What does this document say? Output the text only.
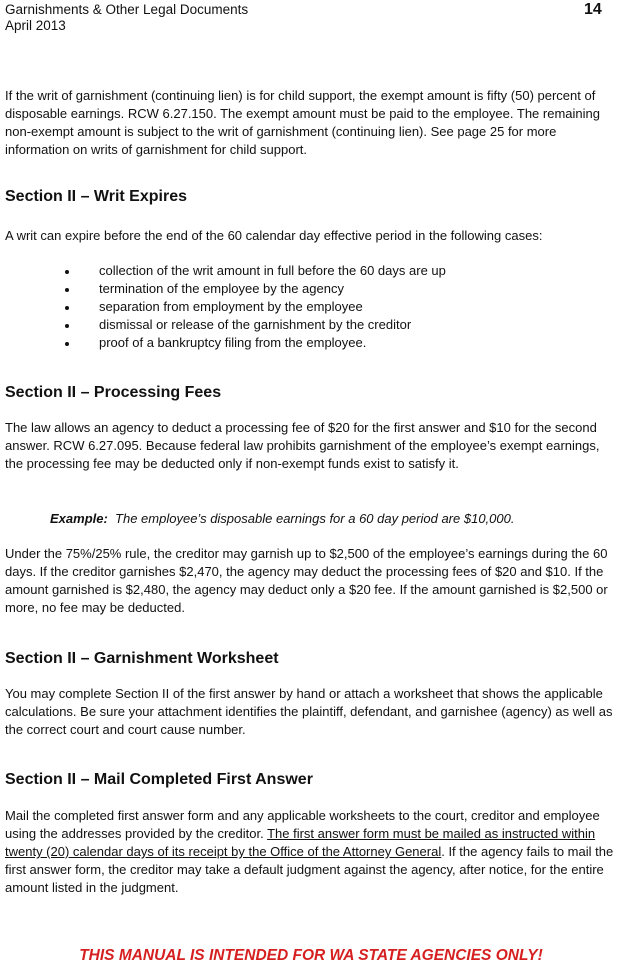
Garnishments & Other Legal Documents
April 2013
14

If the writ of garnishment (continuing lien) is for child support, the exempt amount is fifty (50) percent of disposable earnings. RCW 6.27.150. The exempt amount must be paid to the employee. The remaining non-exempt amount is subject to the writ of garnishment (continuing lien). See page 25 for more information on writs of garnishment for child support.

Section II – Writ Expires

A writ can expire before the end of the 60 calendar day effective period in the following cases:

collection of the writ amount in full before the 60 days are up
termination of the employee by the agency
separation from employment by the employee
dismissal or release of the garnishment by the creditor
proof of a bankruptcy filing from the employee.
Section II – Processing Fees

The law allows an agency to deduct a processing fee of $20 for the first answer and $10 for the second answer. RCW 6.27.095. Because federal law prohibits garnishment of the employee’s exempt earnings, the processing fee may be deducted only if non-exempt funds exist to satisfy it.

Example: The employee’s disposable earnings for a 60 day period are $10,000.

Under the 75%/25% rule, the creditor may garnish up to $2,500 of the employee’s earnings during the 60 days. If the creditor garnishes $2,470, the agency may deduct the processing fees of $20 and $10. If the amount garnished is $2,480, the agency may deduct only a $20 fee. If the amount garnished is $2,500 or more, no fee may be deducted.

Section II – Garnishment Worksheet

You may complete Section II of the first answer by hand or attach a worksheet that shows the applicable calculations. Be sure your attachment identifies the plaintiff, defendant, and garnishee (agency) as well as the correct court and court cause number.

Section II – Mail Completed First Answer

Mail the completed first answer form and any applicable worksheets to the court, creditor and employee using the addresses provided by the creditor. The first answer form must be mailed as instructed within twenty (20) calendar days of its receipt by the Office of the Attorney General. If the agency fails to mail the first answer form, the creditor may take a default judgment against the agency, after notice, for the entire amount listed in the judgment.

THIS MANUAL IS INTENDED FOR WA STATE AGENCIES ONLY!
